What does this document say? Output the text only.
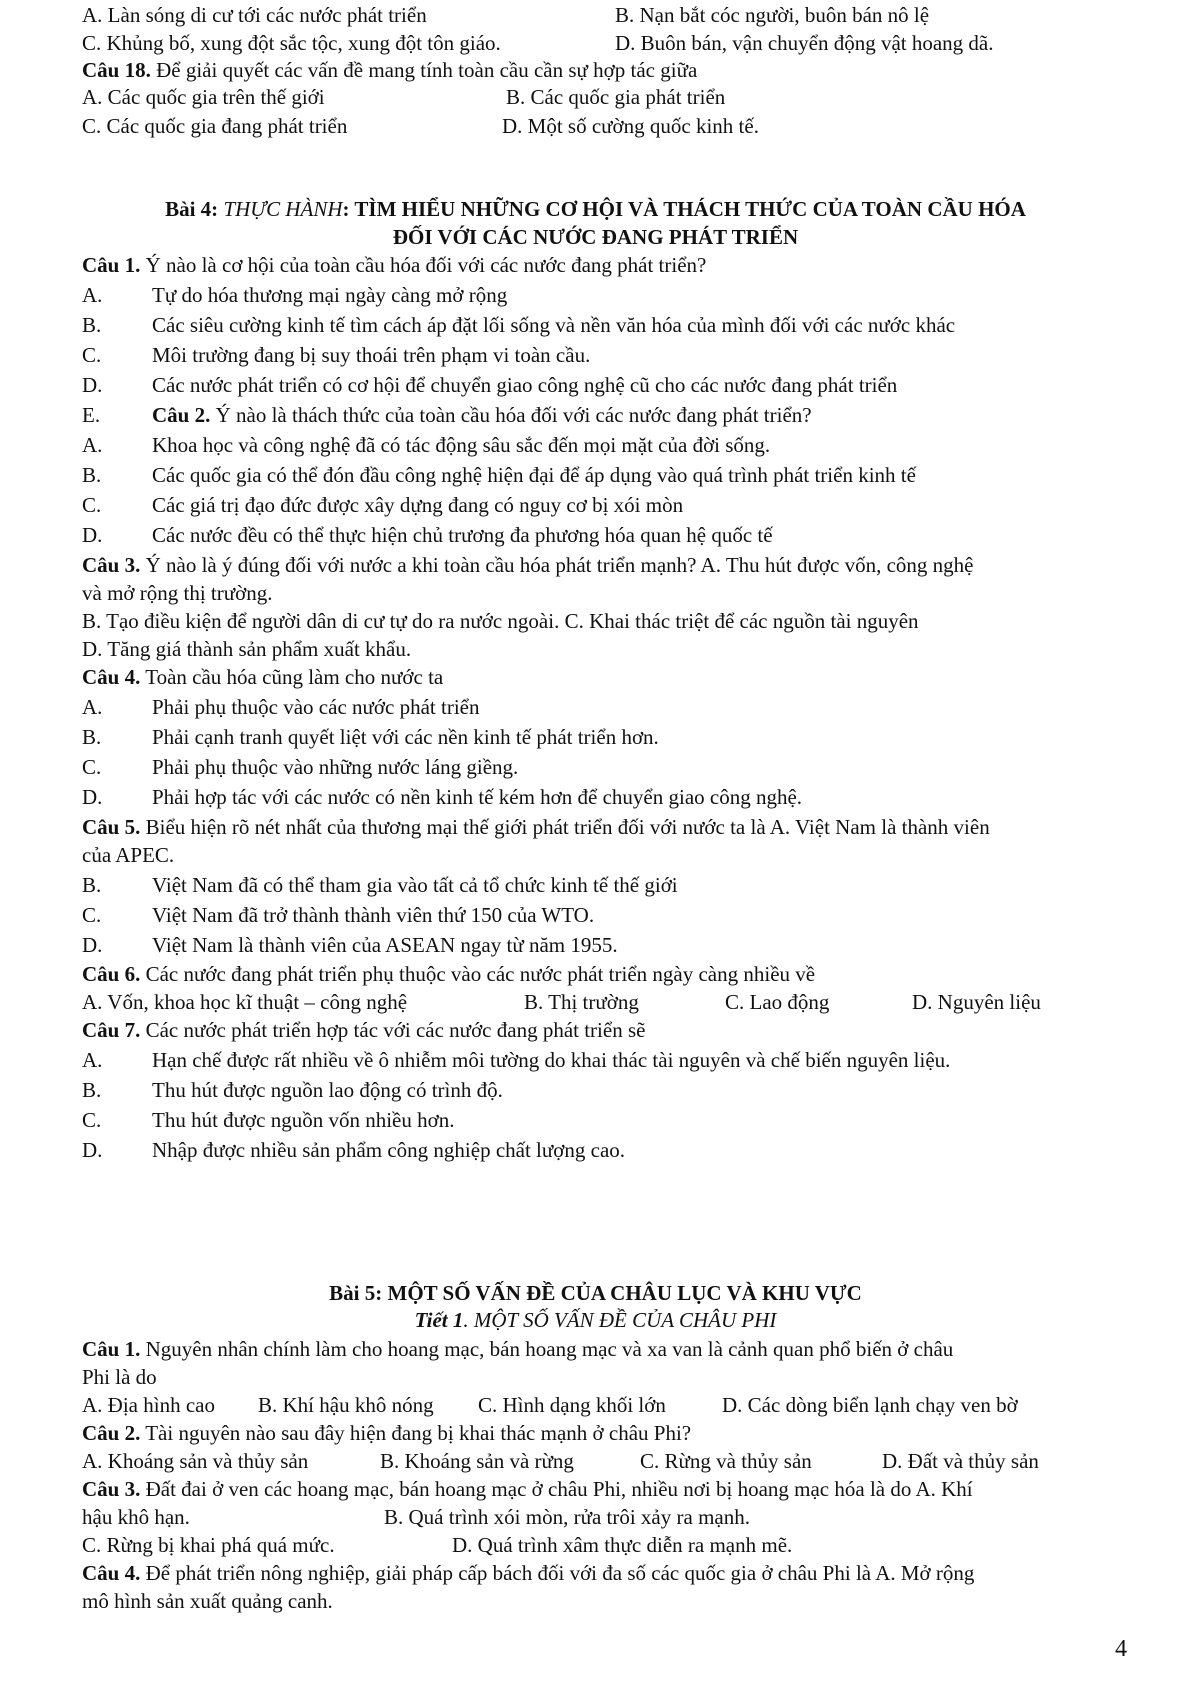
A. Làn sóng di cư tới các nước phát triển	B. Nạn bắt cóc người, buôn bán nô lệ
C. Khủng bố, xung đột sắc tộc, xung đột tôn giáo.	D. Buôn bán, vận chuyển động vật hoang dã.
Câu 18. Để giải quyết các vấn đề mang tính toàn cầu cần sự hợp tác giữa
A. Các quốc gia trên thế giới	B. Các quốc gia phát triển
C. Các quốc gia đang phát triển	D. Một số cường quốc kinh tế.
Bài 4: THỰC HÀNH: TÌM HIỂU NHỮNG CƠ HỘI VÀ THÁCH THỨC CỦA TOÀN CẦU HÓA
ĐỐI VỚI CÁC NƯỚC ĐANG PHÁT TRIỂN
Câu 1. Ý nào là cơ hội của toàn cầu hóa đối với các nước đang phát triển?
A. Tự do hóa thương mại ngày càng mở rộng
B. Các siêu cường kinh tế tìm cách áp đặt lối sống và nền văn hóa của mình đối với các nước khác
C. Môi trường đang bị suy thoái trên phạm vi toàn cầu.
D. Các nước phát triển có cơ hội để chuyển giao công nghệ cũ cho các nước đang phát triển
E. Câu 2. Ý nào là thách thức của toàn cầu hóa đối với các nước đang phát triển?
A. Khoa học và công nghệ đã có tác động sâu sắc đến mọi mặt của đời sống.
B. Các quốc gia có thể đón đầu công nghệ hiện đại để áp dụng vào quá trình phát triển kinh tế
C. Các giá trị đạo đức được xây dựng đang có nguy cơ bị xói mòn
D. Các nước đều có thể thực hiện chủ trương đa phương hóa quan hệ quốc tế
Câu 3. Ý nào là ý đúng đối với nước a khi toàn cầu hóa phát triển mạnh? A. Thu hút được vốn, công nghệ
và mở rộng thị trường.
B. Tạo điều kiện để người dân di cư tự do ra nước ngoài. C. Khai thác triệt để các nguồn tài nguyên
D. Tăng giá thành sản phẩm xuất khẩu.
Câu 4. Toàn cầu hóa cũng làm cho nước ta
A. Phải phụ thuộc vào các nước phát triển
B. Phải cạnh tranh quyết liệt với các nền kinh tế phát triển hơn.
C. Phải phụ thuộc vào những nước láng giềng.
D. Phải hợp tác với các nước có nền kinh tế kém hơn để chuyển giao công nghệ.
Câu 5. Biểu hiện rõ nét nhất của thương mại thế giới phát triển đối với nước ta là A. Việt Nam là thành viên
của APEC.
B. Việt Nam đã có thể tham gia vào tất cả tổ chức kinh tế thế giới
C. Việt Nam đã trở thành thành viên thứ 150 của WTO.
D. Việt Nam là thành viên của ASEAN ngay từ năm 1955.
Câu 6. Các nước đang phát triển phụ thuộc vào các nước phát triển ngày càng nhiều về
A. Vốn, khoa học kĩ thuật – công nghệ	B. Thị trường	C. Lao động	D. Nguyên liệu
Câu 7. Các nước phát triển hợp tác với các nước đang phát triển sẽ
A. Hạn chế được rất nhiều về ô nhiễm môi tường do khai thác tài nguyên và chế biến nguyên liệu.
B. Thu hút được nguồn lao động có trình độ.
C. Thu hút được nguồn vốn nhiều hơn.
D. Nhập được nhiều sản phẩm công nghiệp chất lượng cao.
Bài 5: MỘT SỐ VẤN ĐỀ CỦA CHÂU LỤC VÀ KHU VỰC
Tiết 1. MỘT SỐ VẤN ĐỀ CỦA CHÂU PHI
Câu 1. Nguyên nhân chính làm cho hoang mạc, bán hoang mạc và xa van là cảnh quan phổ biến ở châu
Phi là do
A. Địa hình cao B. Khí hậu khô nóng C. Hình dạng khối lớn	D. Các dòng biển lạnh chạy ven bờ
Câu 2. Tài nguyên nào sau đây hiện đang bị khai thác mạnh ở châu Phi?
A. Khoáng sản và thủy sản	B. Khoáng sản và rừng	C. Rừng và thủy sản	D. Đất và thủy sản
Câu 3. Đất đai ở ven các hoang mạc, bán hoang mạc ở châu Phi, nhiều nơi bị hoang mạc hóa là do A. Khí
hậu khô hạn.	B. Quá trình xói mòn, rửa trôi xảy ra mạnh.
C. Rừng bị khai phá quá mức.	D. Quá trình xâm thực diễn ra mạnh mẽ.
Câu 4. Để phát triển nông nghiệp, giải pháp cấp bách đối với đa số các quốc gia ở châu Phi là A. Mở rộng
mô hình sản xuất quảng canh.
4
